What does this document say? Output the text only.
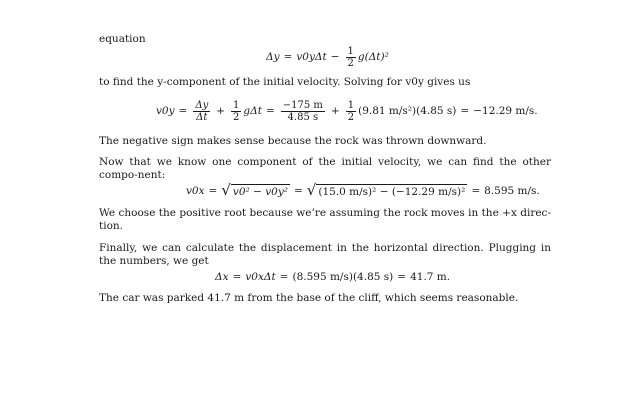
equation
$\Delta y = v0y\Delta t - \frac{1}{2} g(\Delta t)^2$
to find the y-component of the initial velocity. Solving for v0y gives us
$v0y = \frac{\Delta y}{\Delta t} + \frac{1}{2}$ $g\Delta t = \frac{-175 m}{4.85 s} + \frac{1}{2} (9.81$ m/s²)(4.85 s) = −12.29 m/s.
The negative sign makes sense because the rock was thrown downward.
Now that we know one component of the initial velocity, we can find the other compo-nent:
v0x = √ v0² − v0y² = √ (15.0 m/s)² − (−12.29 m/s)² = 8.595 m/s.
We choose the positive root because we’re assuming the rock moves in the +x direc-tion.
Finally, we can calculate the displacement in the horizontal direction. Plugging in the numbers, we get
Δx = v0xΔt = (8.595 m/s)(4.85 s) = 41.7 m.
The car was parked 41.7 m from the base of the cliff, which seems reasonable.
